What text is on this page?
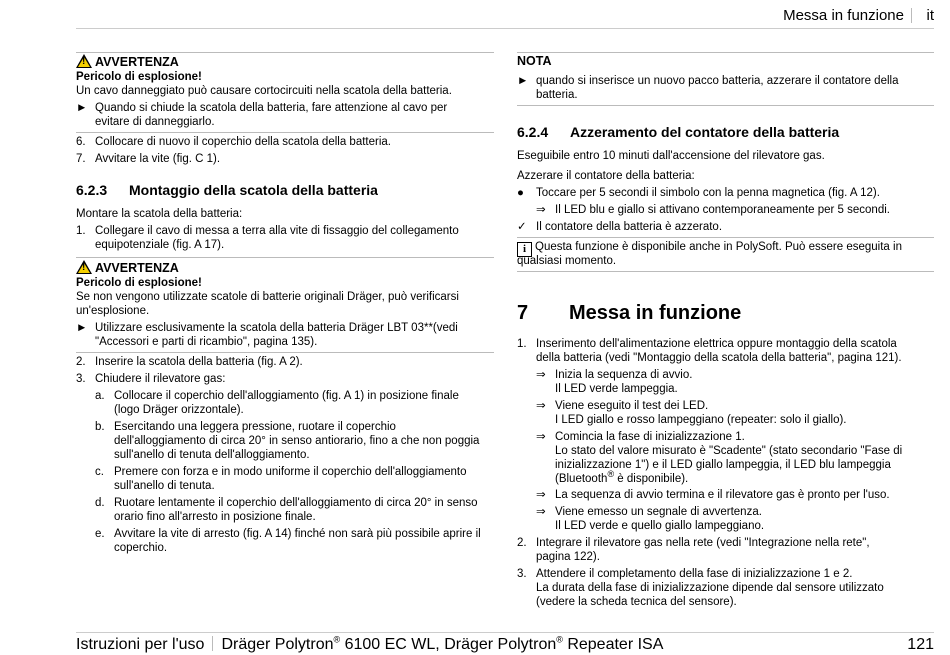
Messa in funzione it
!AVVERTENZA
Pericolo di esplosione!
Un cavo danneggiato può causare cortocircuiti nella scatola della batteria.
► Quando si chiude la scatola della batteria, fare attenzione al cavo per
evitare di danneggiarlo.
6. Collocare di nuovo il coperchio della scatola della batteria.
7. Avvitare la vite (fig. C 1).
6.2.3 Montaggio della scatola della batteria
Montare la scatola della batteria:
1. Collegare il cavo di messa a terra alla vite di fissaggio del collegamento
equipotenziale (fig. A 17).
!AVVERTENZA
Pericolo di esplosione!
Se non vengono utilizzate scatole di batterie originali Dräger, può verificarsi
un'esplosione.
► Utilizzare esclusivamente la scatola della batteria Dräger LBT 03**(vedi
"Accessori e parti di ricambio", pagina 135).
2. Inserire la scatola della batteria (fig. A 2).
3. Chiudere il rilevatore gas:
a. Collocare il coperchio dell'alloggiamento (fig. A 1) in posizione finale
(logo Dräger orizzontale).
b. Esercitando una leggera pressione, ruotare il coperchio
dell'alloggiamento di circa 20° in senso antiorario, fino a che non poggia
sull'anello di tenuta dell'alloggiamento.
c. Premere con forza e in modo uniforme il coperchio dell'alloggiamento
sull'anello di tenuta.
d. Ruotare lentamente il coperchio dell'alloggiamento di circa 20° in senso
orario fino all'arresto in posizione finale.
e. Avvitare la vite di arresto (fig. A 14) finché non sarà più possibile aprire il
coperchio.
NOTA
► quando si inserisce un nuovo pacco batteria, azzerare il contatore della
batteria.
6.2.4 Azzeramento del contatore della batteria
Eseguibile entro 10 minuti dall'accensione del rilevatore gas.
Azzerare il contatore della batteria:
● Toccare per 5 secondi il simbolo con la penna magnetica (fig. A 12).
⇒ Il LED blu e giallo si attivano contemporaneamente per 5 secondi.
✓ Il contatore della batteria è azzerato.
i Questa funzione è disponibile anche in PolySoft. Può essere eseguita in
qualsiasi momento.
7 Messa in funzione
1. Inserimento dell'alimentazione elettrica oppure montaggio della scatola
della batteria (vedi "Montaggio della scatola della batteria", pagina 121).
⇒ Inizia la sequenza di avvio.
Il LED verde lampeggia.
⇒ Viene eseguito il test dei LED.
I LED giallo e rosso lampeggiano (repeater: solo il giallo).
⇒ Comincia la fase di inizializzazione 1.
Lo stato del valore misurato è "Scadente" (stato secondario "Fase di
inizializzazione 1") e il LED giallo lampeggia, il LED blu lampeggia
(Bluetooth® è disponibile).
⇒ La sequenza di avvio termina e il rilevatore gas è pronto per l'uso.
⇒ Viene emesso un segnale di avvertenza.
Il LED verde e quello giallo lampeggiano.
2. Integrare il rilevatore gas nella rete (vedi "Integrazione nella rete",
pagina 122).
3. Attendere il completamento della fase di inizializzazione 1 e 2.
La durata della fase di inizializzazione dipende dal sensore utilizzato
(vedere la scheda tecnica del sensore).
Istruzioni per l'uso Dräger Polytron® 6100 EC WL, Dräger Polytron® Repeater ISA	121
